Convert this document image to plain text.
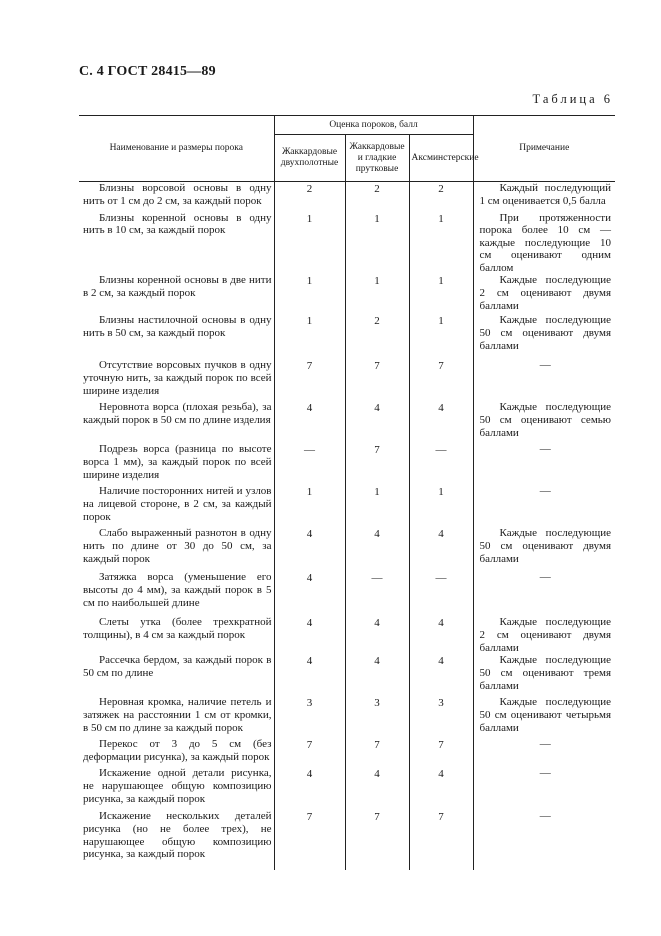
С. 4 ГОСТ 28415—89
Таблица 6
Наименование и размеры порока	Оценка пороков, балл			Примечание
	Жаккардовые двухполотные	Жаккардовые и гладкие прутковые	Аксминстерские	

Близны ворсовой основы в одну нить от 1 см до 2 см, за каждый порок	2	2	2	Каждый последующий 1 см оценивается 0,5 балла

Близны коренной основы в одну нить в 10 см, за каждый порок	1	1	1	При протяженности порока более 10 см — каждые последующие 10 см оценивают одним баллом

Близны коренной основы в две нити в 2 см, за каждый порок	1	1	1	Каждые последующие 2 см оценивают двумя баллами

Близны настилочной основы в одну нить в 50 см, за каждый порок	1	2	1	Каждые последующие 50 см оценивают двумя баллами

Отсутствие ворсовых пучков в одну уточную нить, за каждый порок по всей ширине изделия	7	7	7	—

Неровнота ворса (плохая резьба), за каждый порок в 50 см по длине изделия	4	4	4	Каждые последующие 50 см оценивают семью баллами

Подрезь ворса (разница по высоте ворса 1 мм), за каждый порок по всей ширине изделия	—	7	—	—

Наличие посторонних нитей и узлов на лицевой стороне, в 2 см, за каждый порок	1	1	1	—

Слабо выраженный разнотон в одну нить по длине от 30 до 50 см, за каждый порок	4	4	4	Каждые последующие 50 см оценивают двумя баллами

Затяжка ворса (уменьшение его высоты до 4 мм), за каждый порок в 5 см по наибольшей длине	4	—	—	—

Слеты утка (более трехкратной толщины), в 4 см за каждый порок	4	4	4	Каждые последующие 2 см оценивают двумя баллами

Рассечка бердом, за каждый порок в 50 см по длине	4	4	4	Каждые последующие 50 см оценивают тремя баллами

Неровная кромка, наличие петель и затяжек на расстоянии 1 см от кромки, в 50 см по длине за каждый порок	3	3	3	Каждые последующие 50 см оценивают четырьмя баллами

Перекос от 3 до 5 см (без деформации рисунка), за каждый порок	7	7	7	—

Искажение одной детали рисунка, не нарушающее общую композицию рисунка, за каждый порок	4	4	4	—

Искажение нескольких деталей рисунка (но не более трех), не нарушающее общую композицию рисунка, за каждый порок	7	7	7	—
